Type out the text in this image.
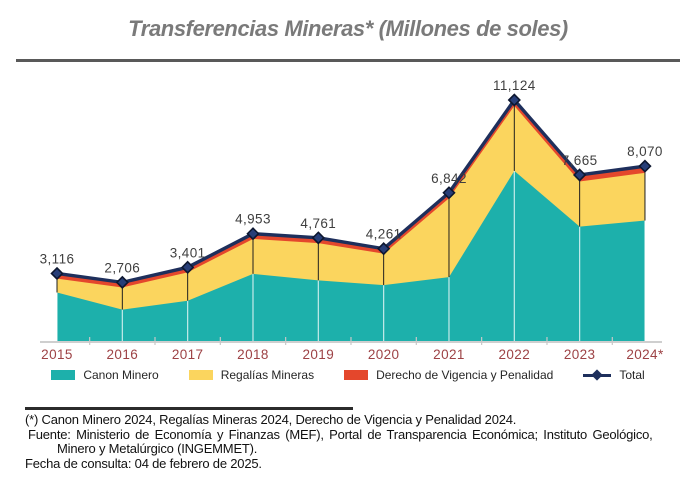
Transferencias Mineras* (Millones de soles)
3,116
2,706
3,401
4,953 4,761
4,261
6,842
11,124
7,665
8,070
2015 2016 2017 2018 2019 2020 2021 2022 2023 2024*
Canon Minero	Regalías Mineras	Derecho de Vigencia y Penalidad	Total
(*) Canon Minero 2024, Regalías Mineras 2024, Derecho de Vigencia y Penalidad 2024.
Fuente: Ministerio de Economía y Finanzas (MEF), Portal de Transparencia Económica; Instituto Geológico,
Minero y Metalúrgico (INGEMMET).
Fecha de consulta: 04 de febrero de 2025.
